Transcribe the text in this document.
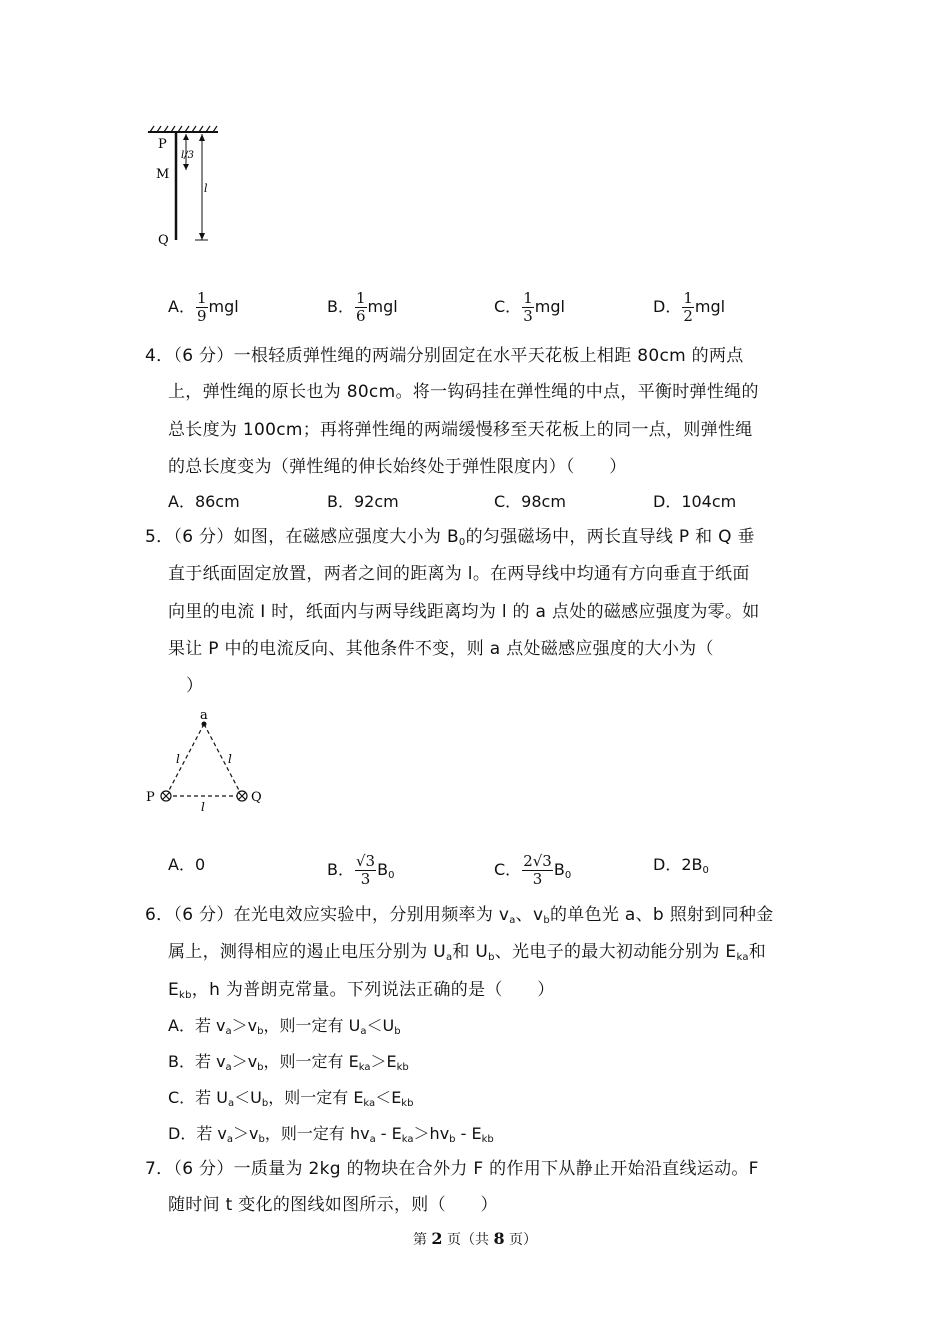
P
M
Q
l/3
l
A． $\frac{1}{9}$ mgl	B． $\frac{1}{6}$ mgl	C． $\frac{1}{3}$ mgl	D． $\frac{1}{2}$ mgl
4．（6 分）一根轻质弹性绳的两端分别固定在水平天花板上相距 80cm 的两点
上，弹性绳的原长也为 80cm。将一钩码挂在弹性绳的中点，平衡时弹性绳的
总长度为 100cm；再将弹性绳的两端缓慢移至天花板上的同一点，则弹性绳
的总长度变为（弹性绳的伸长始终处于弹性限度内）（　　）
A．86cm	B．92cm	C．98cm	D．104cm
5．（6 分）如图，在磁感应强度大小为 $B_0$的匀强磁场中，两长直导线 P 和 Q 垂
直于纸面固定放置，两者之间的距离为 l。在两导线中均通有方向垂直于纸面
向里的电流 I 时，纸面内与两导线距离均为 l 的 a 点处的磁感应强度为零。如
果让 P 中的电流反向、其他条件不变，则 a 点处磁感应强度的大小为（
）
a
P	Q
l	l
l
A．0	B． $\frac{√3}{3} B_0$	C． $\frac{2√3}{3} B_0$
D．$2B_0$
6．（6 分）在光电效应实验中，分别用频率为 $v_a$、$v_b$的单色光 a、b 照射到同种金
属上，测得相应的遏止电压分别为 $U_a$和 $U_b$、光电子的最大初动能分别为 $E_{ka}$和
$E_{kb}$，h 为普朗克常量。下列说法正确的是（　　）
A．若 $v_a>v_b$，则一定有 $U_a<U_b$
B．若 $v_a>v_b$，则一定有 $E_{ka}>E_{kb}$
C．若 $U_a<U_b$，则一定有 $E_{ka}<E_{kb}$
D．若 $v_a>v_b$，则一定有 $hv_a - E_{ka}>hv_b - E_{kb}$
7．（6 分）一质量为 2kg 的物块在合外力 F 的作用下从静止开始沿直线运动。F
随时间 t 变化的图线如图所示，则（　　）
第 2 页（共 8 页）
